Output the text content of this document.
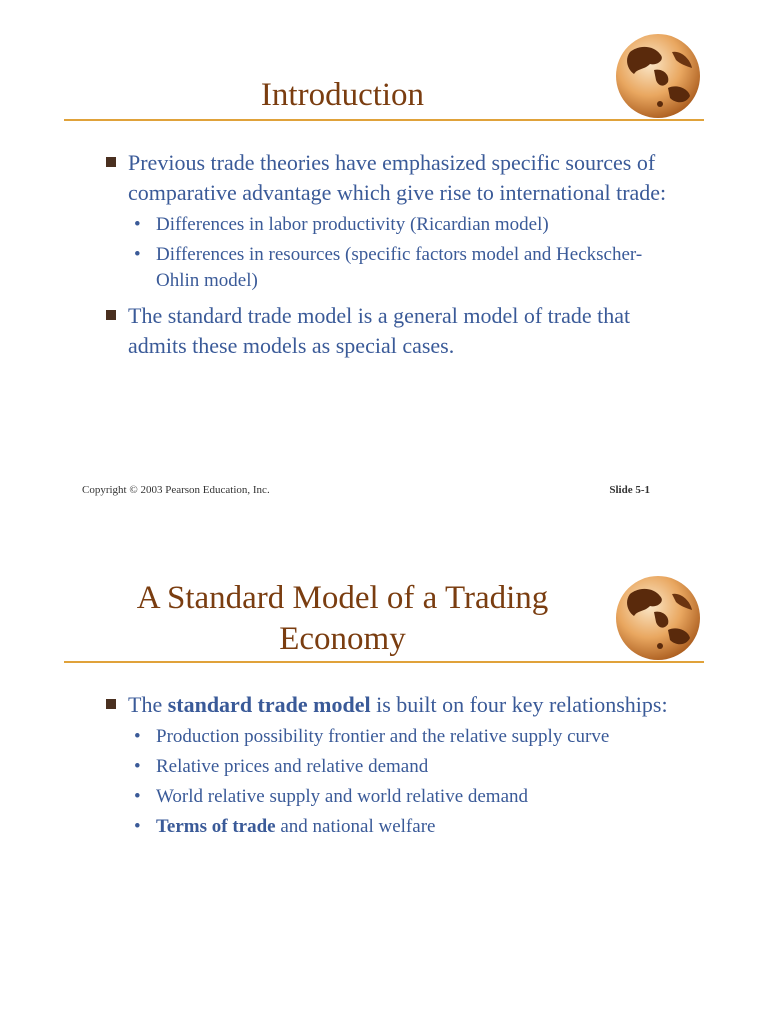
Introduction

Previous trade theories have emphasized specific sources of comparative advantage which give rise to international trade:

• Differences in labor productivity (Ricardian model)

• Differences in resources (specific factors model and Heckscher-Ohlin model)

The standard trade model is a general model of trade that admits these models as special cases.

Copyright © 2003 Pearson Education, Inc.	Slide 5-1
A Standard Model of a Trading Economy

The standard trade model is built on four key relationships:

• Production possibility frontier and the relative supply curve

• Relative prices and relative demand

• World relative supply and world relative demand

• Terms of trade and national welfare
